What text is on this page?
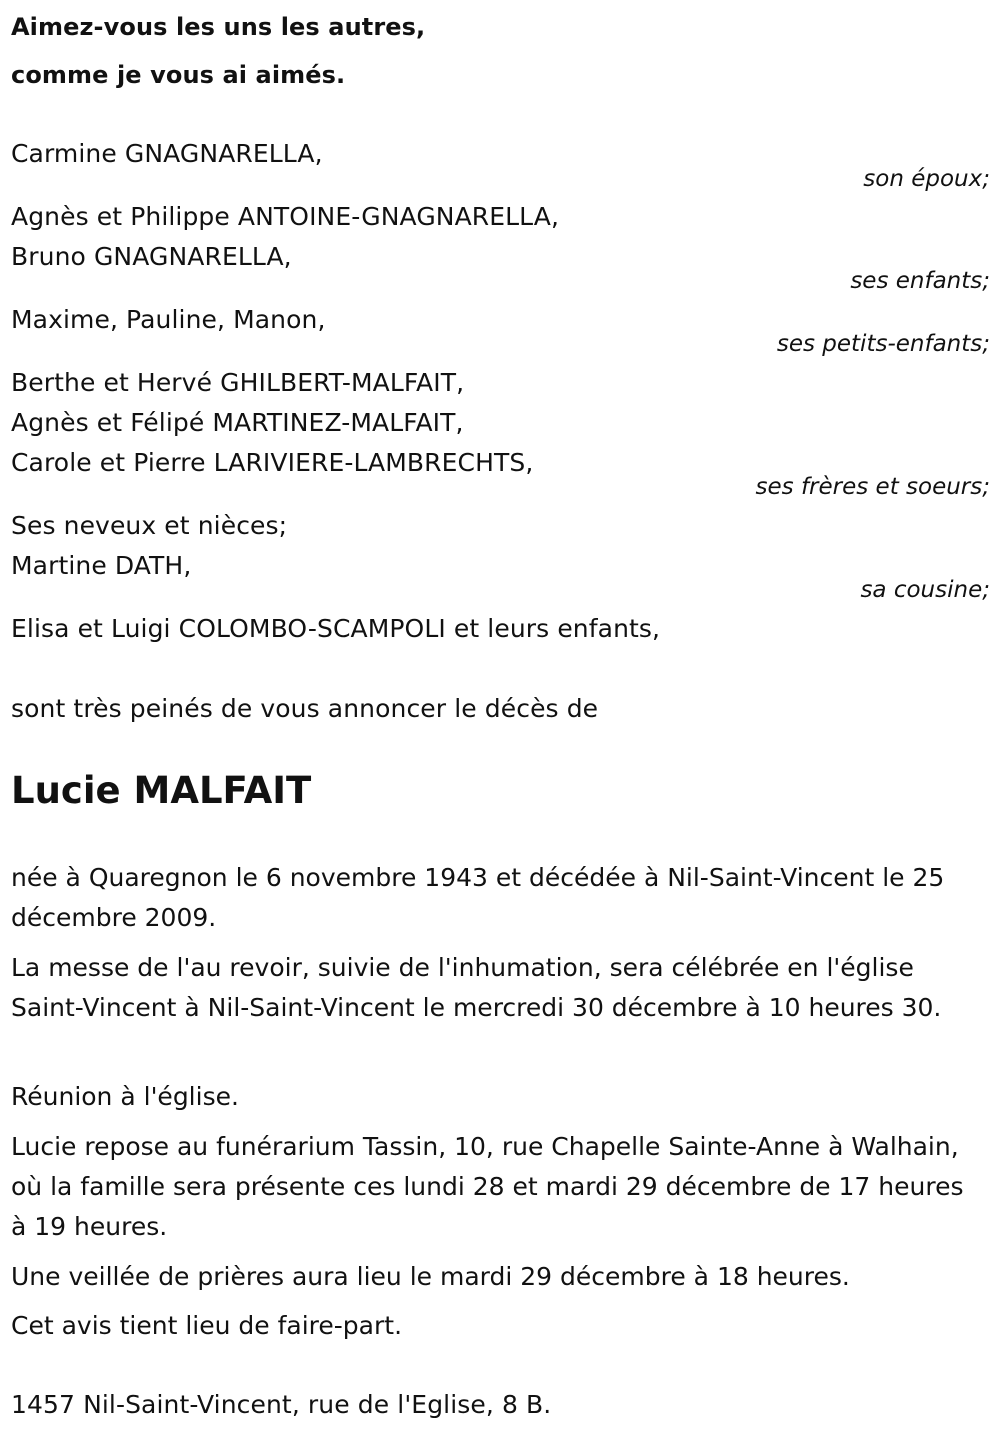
Aimez-vous les uns les autres,
comme je vous ai aimés.
Carmine GNAGNARELLA,
son époux;
Agnès et Philippe ANTOINE-GNAGNARELLA,
Bruno GNAGNARELLA,
ses enfants;
Maxime, Pauline, Manon,
ses petits-enfants;
Berthe et Hervé GHILBERT-MALFAIT,
Agnès et Félipé MARTINEZ-MALFAIT,
Carole et Pierre LARIVIERE-LAMBRECHTS,
ses frères et soeurs;
Ses neveux et nièces;
Martine DATH,
sa cousine;
Elisa et Luigi COLOMBO-SCAMPOLI et leurs enfants,
sont très peinés de vous annoncer le décès de
Lucie MALFAIT
née à Quaregnon le 6 novembre 1943 et décédée à Nil-Saint-Vincent le 25 décembre 2009.
La messe de l'au revoir, suivie de l'inhumation, sera célébrée en l'église Saint-Vincent à Nil-Saint-Vincent le mercredi 30 décembre à 10 heures 30.
Réunion à l'église.
Lucie repose au funérarium Tassin, 10, rue Chapelle Sainte-Anne à Walhain, où la famille sera présente ces lundi 28 et mardi 29 décembre de 17 heures à 19 heures.
Une veillée de prières aura lieu le mardi 29 décembre à 18 heures.
Cet avis tient lieu de faire-part.
1457 Nil-Saint-Vincent, rue de l'Eglise, 8 B.
